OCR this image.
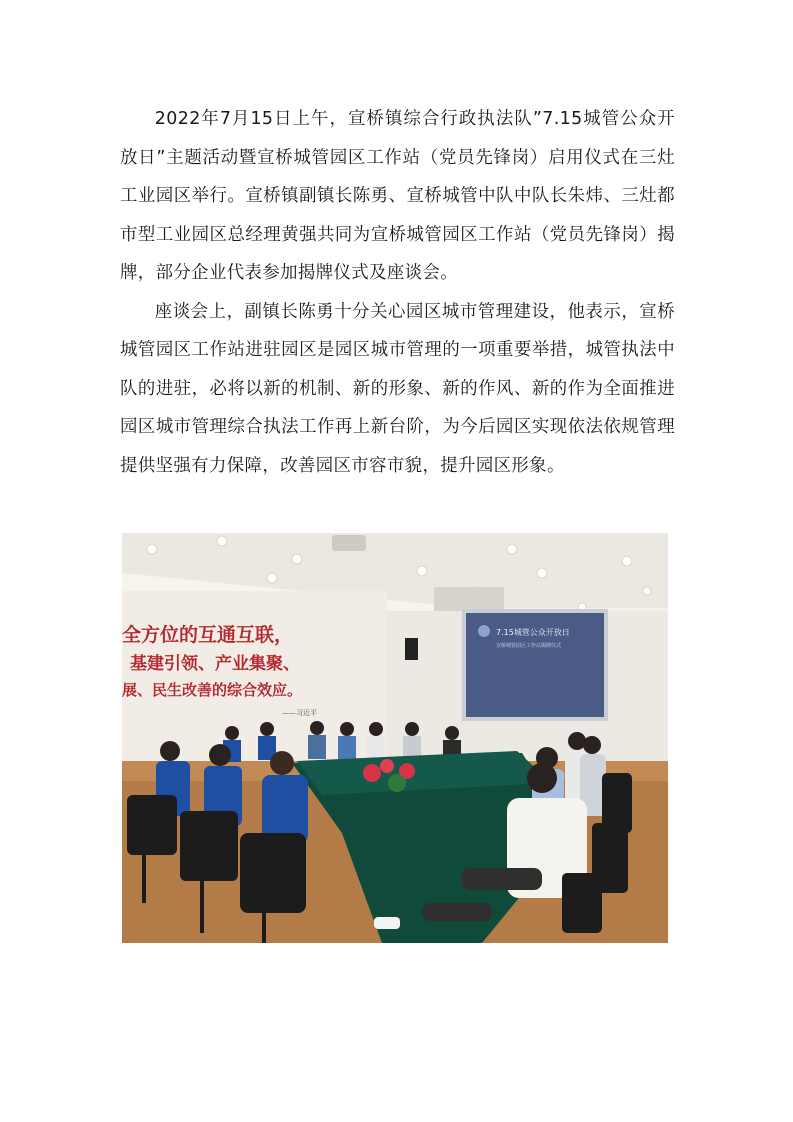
2022年7月15日上午，宣桥镇综合行政执法队”7.15城管公众开放日”主题活动暨宣桥城管园区工作站（党员先锋岗）启用仪式在三灶工业园区举行。宣桥镇副镇长陈勇、宣桥城管中队中队长朱炜、三灶都市型工业园区总经理黄强共同为宣桥城管园区工作站（党员先锋岗）揭牌，部分企业代表参加揭牌仪式及座谈会。

座谈会上，副镇长陈勇十分关心园区城市管理建设，他表示，宣桥城管园区工作站进驻园区是园区城市管理的一项重要举措，城管执法中队的进驻，必将以新的机制、新的形象、新的作风、新的作为全面推进园区城市管理综合执法工作再上新台阶，为今后园区实现依法依规管理提供坚强有力保障，改善园区市容市貌，提升园区形象。

全方位的互通互联，
基建引领、产业集聚、
展、民生改善的综合效应。
——习近平
7.15城管公众开放日
宣桥城管园区工作站揭牌仪式
